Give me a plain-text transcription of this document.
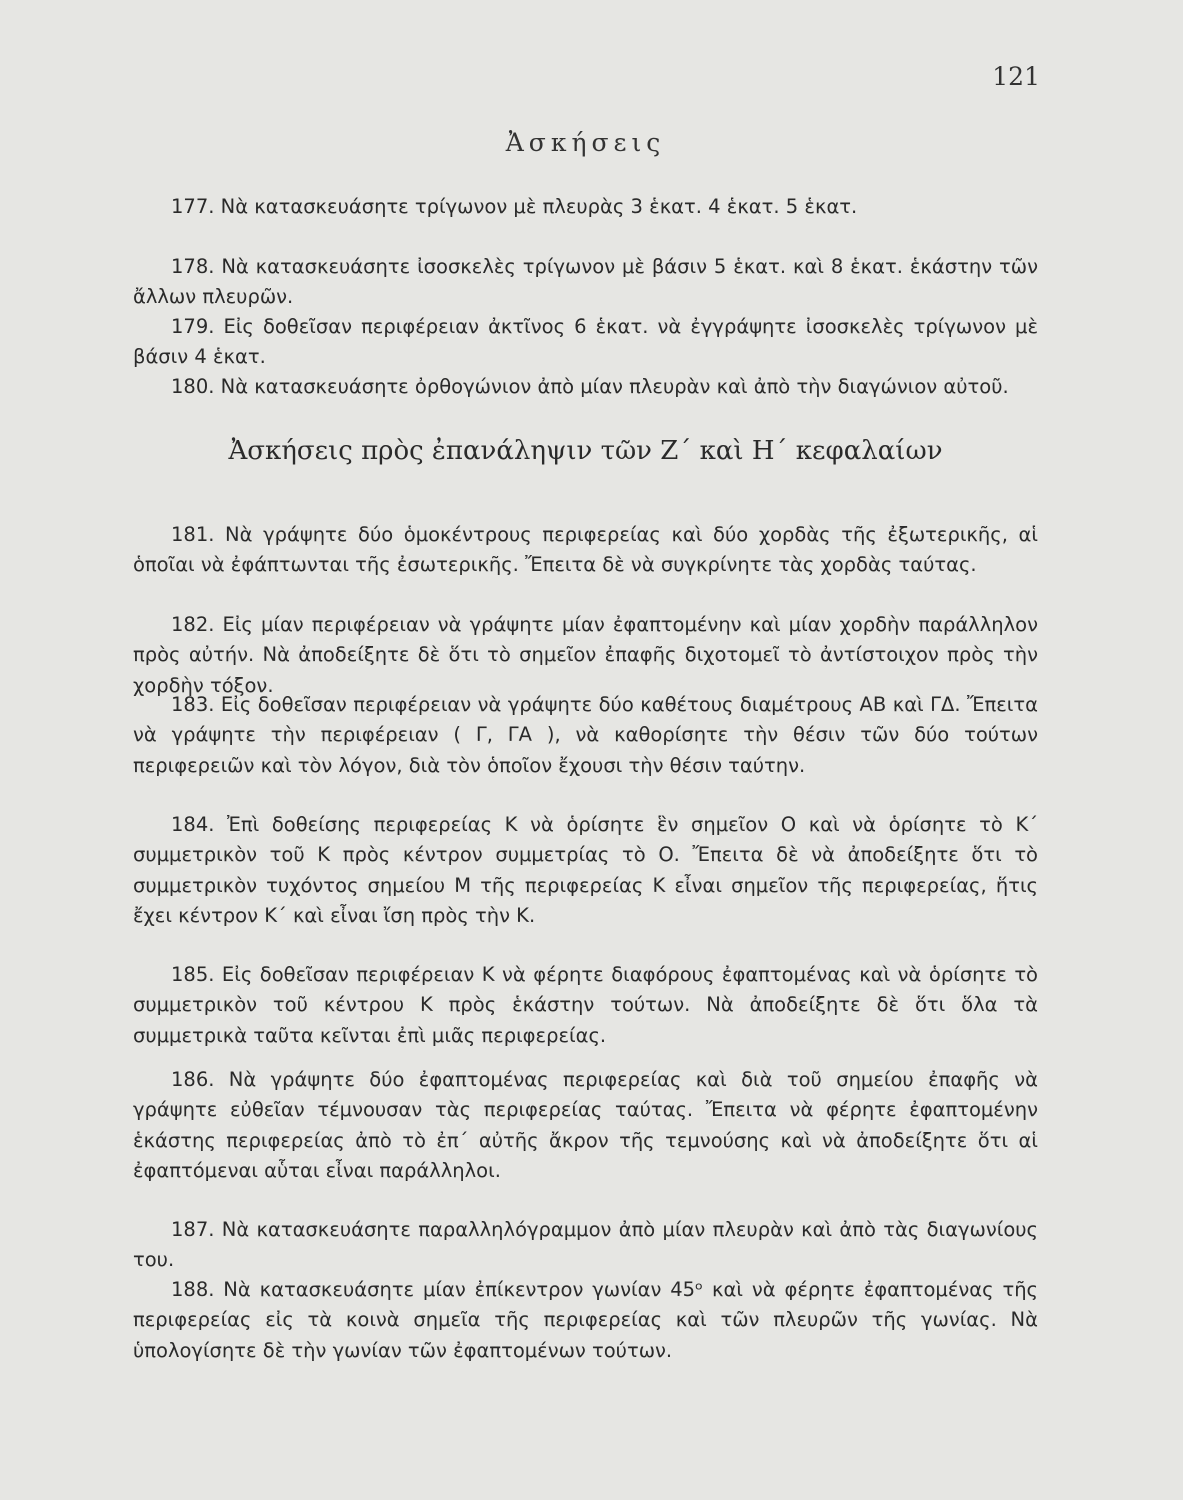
121
Ἀσκήσεις

177. Νὰ κατασκευάσητε τρίγωνον μὲ πλευρὰς 3 ἑκατ. 4 ἑκατ. 5 ἑκατ.

178. Νὰ κατασκευάσητε ἰσοσκελὲς τρίγωνον μὲ βάσιν 5 ἑκατ. καὶ 8 ἑκατ. ἑκάστην τῶν ἄλλων πλευρῶν.

179. Εἰς δοθεῖσαν περιφέρειαν ἀκτῖνος 6 ἑκατ. νὰ ἐγγράψητε ἰσοσκελὲς τρίγωνον μὲ βάσιν 4 ἑκατ.

180. Νὰ κατασκευάσητε ὀρθογώνιον ἀπὸ μίαν πλευρὰν καὶ ἀπὸ τὴν διαγώνιον αὐτοῦ.

Ἀσκήσεις πρὸς ἐπανάληψιν τῶν Ζ΄ καὶ Η΄ κεφαλαίων

181. Νὰ γράψητε δύο ὁμοκέντρους περιφερείας καὶ δύο χορδὰς τῆς ἐξωτερικῆς, αἱ ὁποῖαι νὰ ἐφάπτωνται τῆς ἐσωτερικῆς. Ἔπειτα δὲ νὰ συγκρίνητε τὰς χορδὰς ταύτας.

182. Εἰς μίαν περιφέρειαν νὰ γράψητε μίαν ἐφαπτομένην καὶ μίαν χορδὴν παράλληλον πρὸς αὐτήν. Νὰ ἀποδείξητε δὲ ὅτι τὸ σημεῖον ἐπαφῆς διχοτομεῖ τὸ ἀντίστοιχον πρὸς τὴν χορδὴν τόξον.

183. Εἰς δοθεῖσαν περιφέρειαν νὰ γράψητε δύο καθέτους διαμέτρους ΑΒ καὶ ΓΔ. Ἔπειτα νὰ γράψητε τὴν περιφέρειαν ( Γ, ΓΑ ), νὰ καθορίσητε τὴν θέσιν τῶν δύο τούτων περιφερειῶν καὶ τὸν λόγον, διὰ τὸν ὁποῖον ἔχουσι τὴν θέσιν ταύτην.

184. Ἐπὶ δοθείσης περιφερείας Κ νὰ ὁρίσητε ἓν σημεῖον Ο καὶ νὰ ὁρίσητε τὸ Κ΄ συμμετρικὸν τοῦ Κ πρὸς κέντρον συμμετρίας τὸ Ο. Ἔπειτα δὲ νὰ ἀποδείξητε ὅτι τὸ συμμετρικὸν τυχόντος σημείου Μ τῆς περιφερείας Κ εἶναι σημεῖον τῆς περιφερείας, ἥτις ἔχει κέντρον Κ΄ καὶ εἶναι ἴση πρὸς τὴν Κ.

185. Εἰς δοθεῖσαν περιφέρειαν Κ νὰ φέρητε διαφόρους ἐφαπτομένας καὶ νὰ ὁρίσητε τὸ συμμετρικὸν τοῦ κέντρου Κ πρὸς ἑκάστην τούτων. Νὰ ἀποδείξητε δὲ ὅτι ὅλα τὰ συμμετρικὰ ταῦτα κεῖνται ἐπὶ μιᾶς περιφερείας.

186. Νὰ γράψητε δύο ἐφαπτομένας περιφερείας καὶ διὰ τοῦ σημείου ἐπαφῆς νὰ γράψητε εὐθεῖαν τέμνουσαν τὰς περιφερείας ταύτας. Ἔπειτα νὰ φέρητε ἐφαπτομένην ἑκάστης περιφερείας ἀπὸ τὸ ἐπ΄ αὐτῆς ἄκρον τῆς τεμνούσης καὶ νὰ ἀποδείξητε ὅτι αἱ ἐφαπτόμεναι αὗται εἶναι παράλληλοι.

187. Νὰ κατασκευάσητε παραλληλόγραμμον ἀπὸ μίαν πλευρὰν καὶ ἀπὸ τὰς διαγωνίους του.

188. Νὰ κατασκευάσητε μίαν ἐπίκεντρον γωνίαν 45ᵒ καὶ νὰ φέρητε ἐφαπτομένας τῆς περιφερείας εἰς τὰ κοινὰ σημεῖα τῆς περιφερείας καὶ τῶν πλευρῶν τῆς γωνίας. Νὰ ὑπολογίσητε δὲ τὴν γωνίαν τῶν ἐφαπτομένων τούτων.
